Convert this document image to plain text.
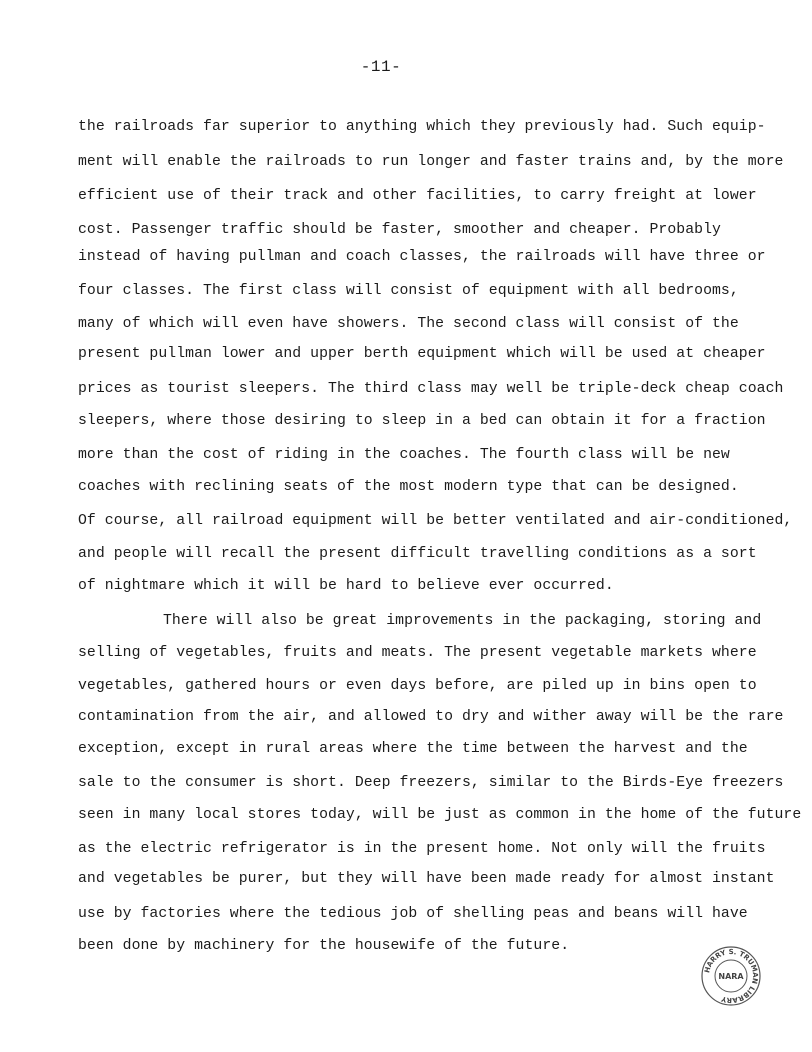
-11-
the railroads far superior to anything which they previously had. Such equip-
ment will enable the railroads to run longer and faster trains and, by the more
efficient use of their track and other facilities, to carry freight at lower
cost. Passenger traffic should be faster, smoother and cheaper. Probably
instead of having pullman and coach classes, the railroads will have three or
four classes. The first class will consist of equipment with all bedrooms,
many of which will even have showers. The second class will consist of the
present pullman lower and upper berth equipment which will be used at cheaper
prices as tourist sleepers. The third class may well be triple-deck cheap coach
sleepers, where those desiring to sleep in a bed can obtain it for a fraction
more than the cost of riding in the coaches. The fourth class will be new
coaches with reclining seats of the most modern type that can be designed.
Of course, all railroad equipment will be better ventilated and air-conditioned,
and people will recall the present difficult travelling conditions as a sort
of nightmare which it will be hard to believe ever occurred.
There will also be great improvements in the packaging, storing and
selling of vegetables, fruits and meats. The present vegetable markets where
vegetables, gathered hours or even days before, are piled up in bins open to
contamination from the air, and allowed to dry and wither away will be the rare
exception, except in rural areas where the time between the harvest and the
sale to the consumer is short. Deep freezers, similar to the Birds-Eye freezers
seen in many local stores today, will be just as common in the home of the future
as the electric refrigerator is in the present home. Not only will the fruits
and vegetables be purer, but they will have been made ready for almost instant
use by factories where the tedious job of shelling peas and beans will have
been done by machinery for the housewife of the future.
HARRY S. TRUMAN LIBRARY
NARA
